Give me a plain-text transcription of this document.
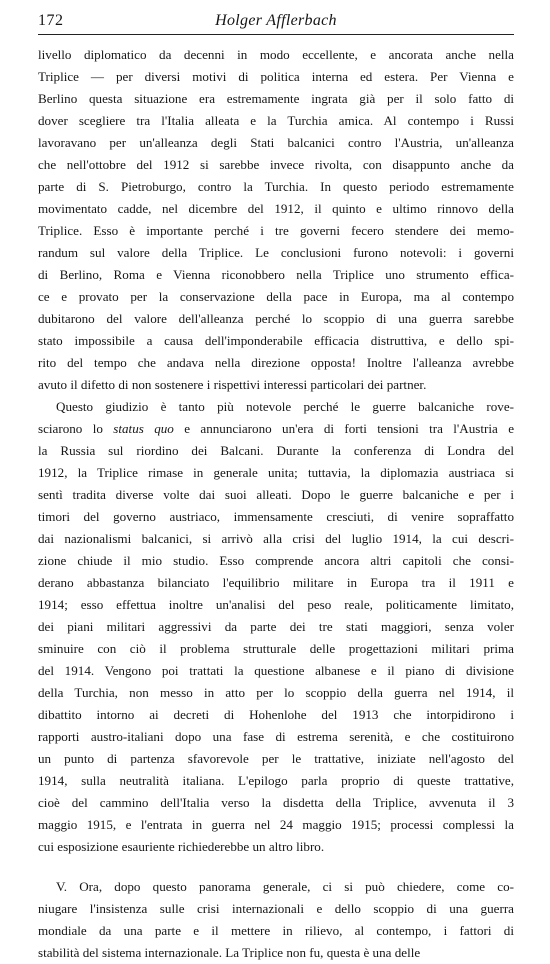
172	Holger Afflerbach
livello diplomatico da decenni in modo eccellente, e ancorata anche nella
Triplice — per diversi motivi di politica interna ed estera. Per Vienna e
Berlino questa situazione era estremamente ingrata già per il solo fatto di
dover scegliere tra l'Italia alleata e la Turchia amica. Al contempo i Russi
lavoravano per un'alleanza degli Stati balcanici contro l'Austria, un'alleanza
che nell'ottobre del 1912 si sarebbe invece rivolta, con disappunto anche da
parte di S. Pietroburgo, contro la Turchia. In questo periodo estremamente
movimentato cadde, nel dicembre del 1912, il quinto e ultimo rinnovo della
Triplice. Esso è importante perché i tre governi fecero stendere dei memo-
randum sul valore della Triplice. Le conclusioni furono notevoli: i governi
di Berlino, Roma e Vienna riconobbero nella Triplice uno strumento effica-
ce e provato per la conservazione della pace in Europa, ma al contempo
dubitarono del valore dell'alleanza perché lo scoppio di una guerra sarebbe
stato impossibile a causa dell'imponderabile efficacia distruttiva, e dello spi-
rito del tempo che andava nella direzione opposta! Inoltre l'alleanza avrebbe
avuto il difetto di non sostenere i rispettivi interessi particolari dei partner.
Questo giudizio è tanto più notevole perché le guerre balcaniche rove-
sciarono lo status quo e annunciarono un'era di forti tensioni tra l'Austria e
la Russia sul riordino dei Balcani. Durante la conferenza di Londra del
1912, la Triplice rimase in generale unita; tuttavia, la diplomazia austriaca si
sentì tradita diverse volte dai suoi alleati. Dopo le guerre balcaniche e per i
timori del governo austriaco, immensamente cresciuti, di venire sopraffatto
dai nazionalismi balcanici, si arrivò alla crisi del luglio 1914, la cui descri-
zione chiude il mio studio. Esso comprende ancora altri capitoli che consi-
derano abbastanza bilanciato l'equilibrio militare in Europa tra il 1911 e
1914; esso effettua inoltre un'analisi del peso reale, politicamente limitato,
dei piani militari aggressivi da parte dei tre stati maggiori, senza voler
sminuire con ciò il problema strutturale delle progettazioni militari prima
del 1914. Vengono poi trattati la questione albanese e il piano di divisione
della Turchia, non messo in atto per lo scoppio della guerra nel 1914, il
dibattito intorno ai decreti di Hohenlohe del 1913 che intorpidirono i
rapporti austro-italiani dopo una fase di estrema serenità, e che costituirono
un punto di partenza sfavorevole per le trattative, iniziate nell'agosto del
1914, sulla neutralità italiana. L'epilogo parla proprio di queste trattative,
cioè del cammino dell'Italia verso la disdetta della Triplice, avvenuta il 3
maggio 1915, e l'entrata in guerra nel 24 maggio 1915; processi complessi la
cui esposizione esauriente richiederebbe un altro libro.
V. Ora, dopo questo panorama generale, ci si può chiedere, come co-
niugare l'insistenza sulle crisi internazionali e dello scoppio di una guerra
mondiale da una parte e il mettere in rilievo, al contempo, i fattori di
stabilità del sistema internazionale. La Triplice non fu, questa è una delle
